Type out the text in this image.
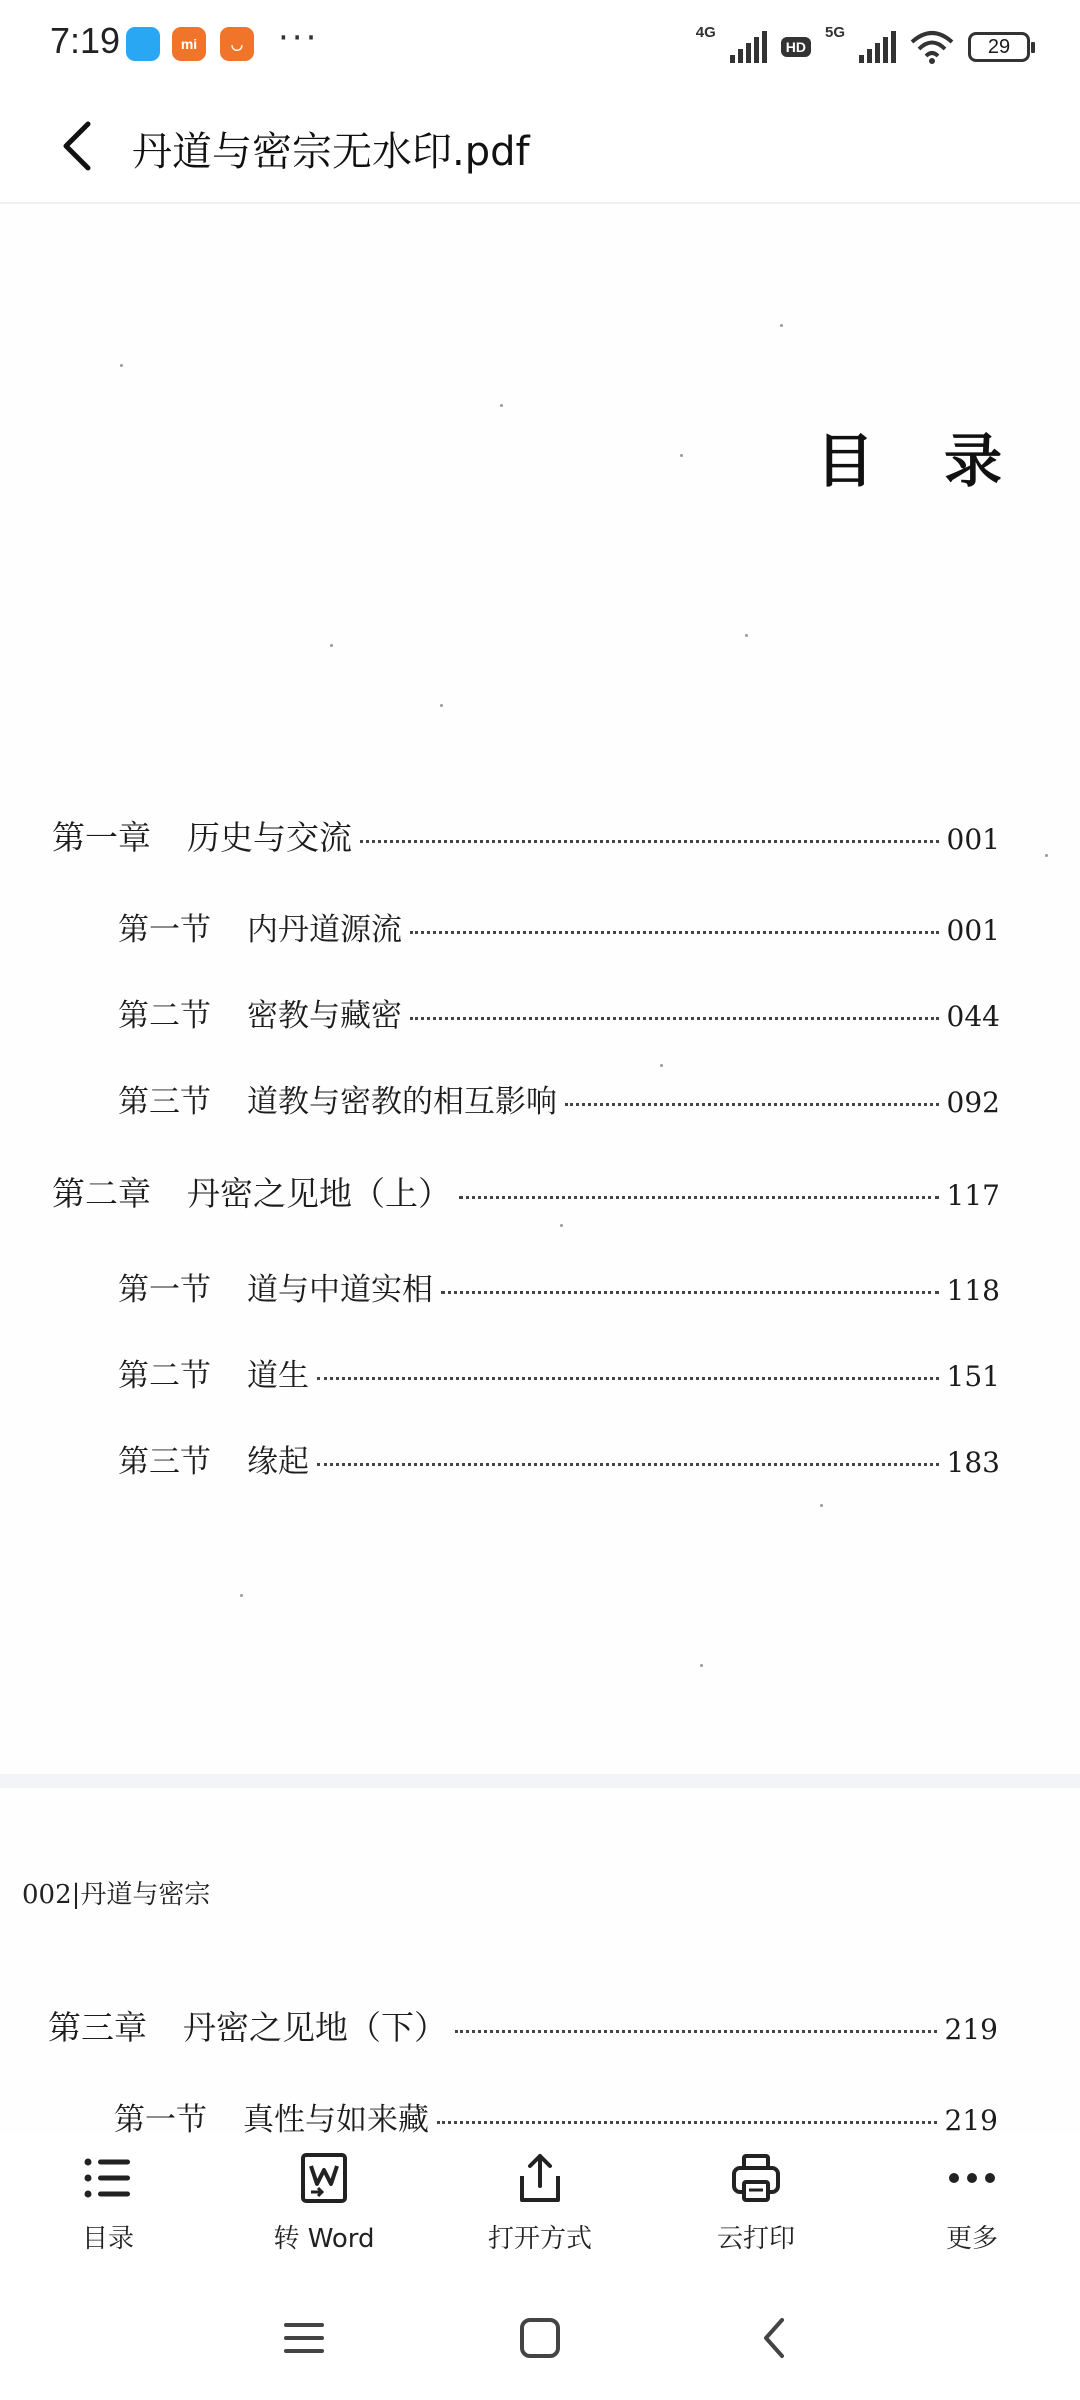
7:19	mi	◡	···	4G
HD
5G
29
丹道与密宗无水印.pdf
目录
第一章 历史与交流	001
第一节 内丹道源流	001
第二节 密教与藏密	044
第三节 道教与密教的相互影响	092
第二章 丹密之见地（上）	117
第一节 道与中道实相	118
第二节 道生	151
第三节 缘起	183
002|丹道与密宗
第三章 丹密之见地（下）	219
第一节 真性与如来藏	219
目录	转 Word	打开方式	云打印	更多
